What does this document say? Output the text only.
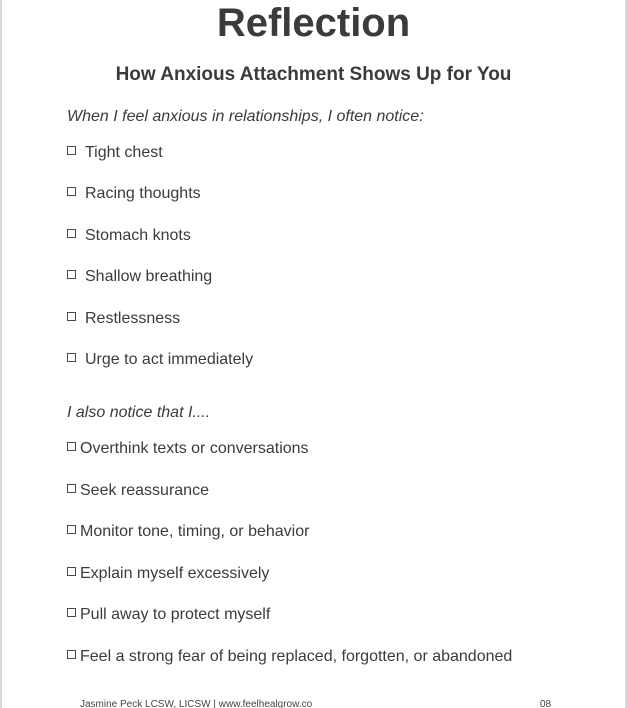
Reflection
How Anxious Attachment Shows Up for You
When I feel anxious in relationships, I often notice:
Tight chest
Racing thoughts
Stomach knots
Shallow breathing
Restlessness
Urge to act immediately
I also notice that I....
Overthink texts or conversations
Seek reassurance
Monitor tone, timing, or behavior
Explain myself excessively
Pull away to protect myself
Feel a strong fear of being replaced, forgotten, or abandoned
Jasmine Peck LCSW, LICSW | www.feelhealgrow.co	08
